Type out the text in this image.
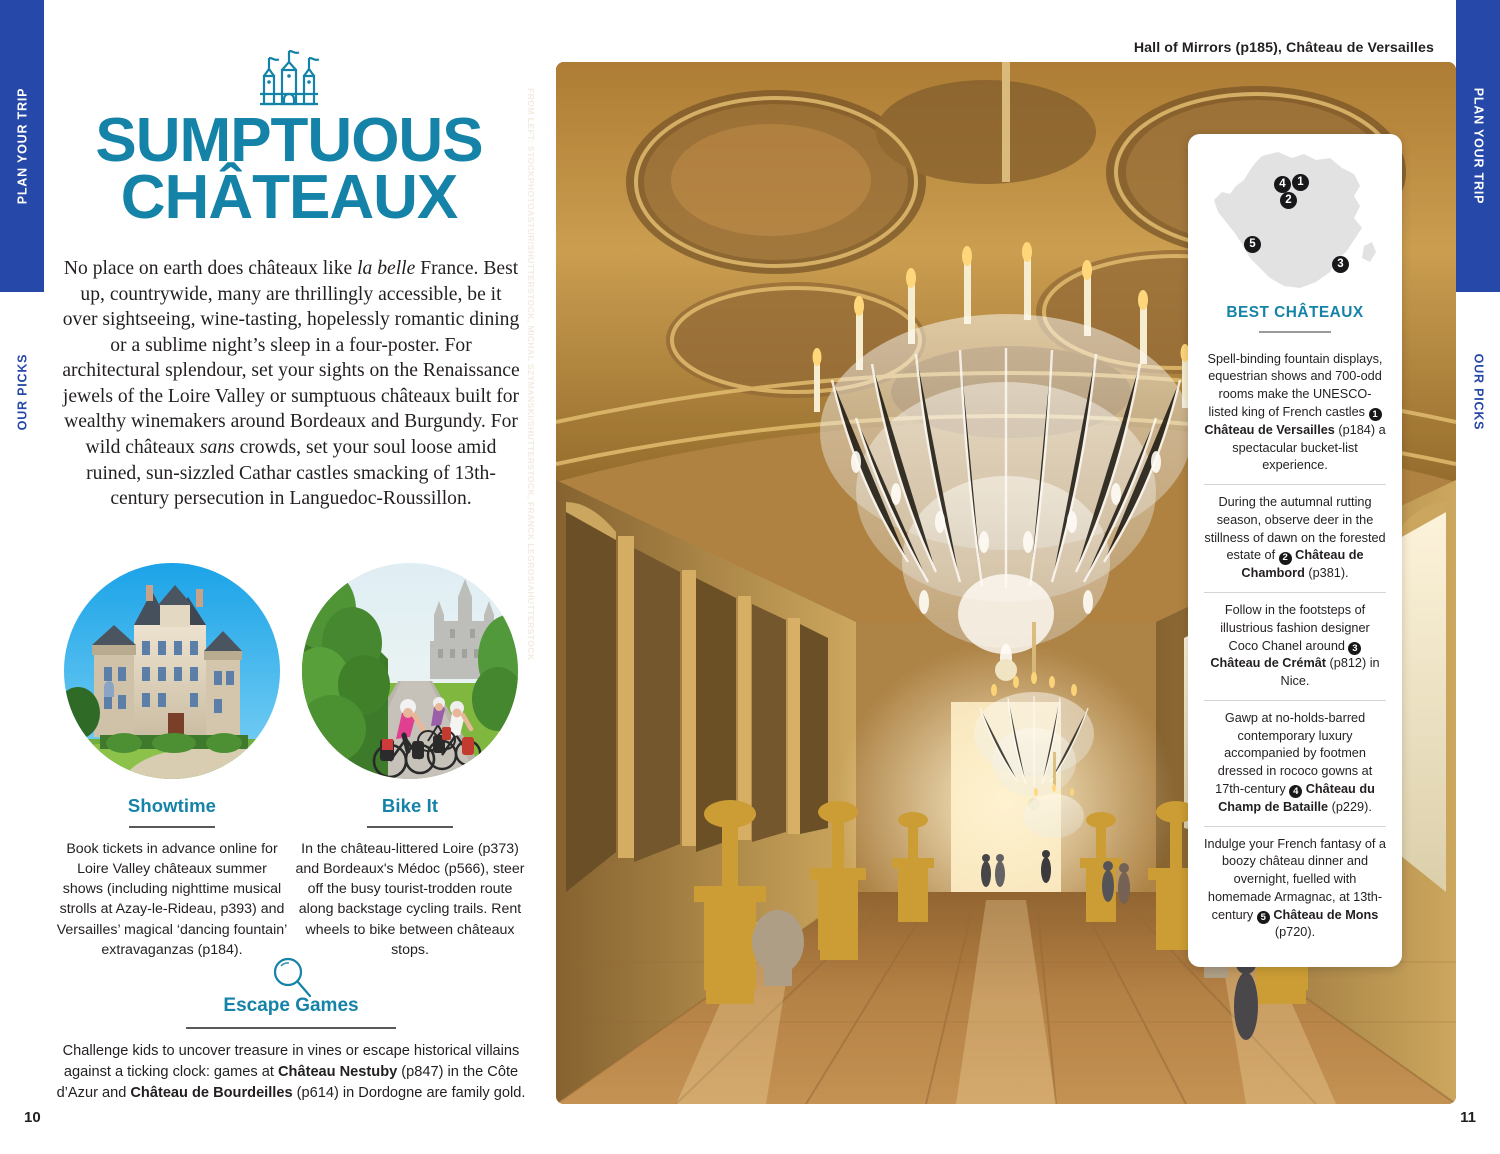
PLAN YOUR TRIP
OUR PICKS
PLAN YOUR TRIP
OUR PICKS
10	11
SUMPTUOUS
CHÂTEAUX

No place on earth does châteaux like la belle France. Best up, countrywide, many are thrillingly accessible, be it over sightseeing, wine-tasting, hopelessly romantic dining or a sublime night’s sleep in a four-poster. For architectural splendour, set your sights on the Renaissance jewels of the Loire Valley or sumptuous châteaux built for wealthy winemakers around Bordeaux and Burgundy. For wild châteaux sans crowds, set your soul loose amid ruined, sun-sizzled Cathar castles smacking of 13th-century persecution in Languedoc-Roussillon.

Showtime

Book tickets in advance online for Loire Valley châteaux summer shows (including nighttime musical strolls at Azay-le-Rideau, p393) and Versailles’ magical ‘dancing fountain’ extravaganzas (p184).

Bike It

In the château-littered Loire (p373) and Bordeaux's Médoc (p566), steer off the busy tourist-trodden route along backstage cycling trails. Rent wheels to bike between châteaux stops.

Escape Games

Challenge kids to uncover treasure in vines or escape historical villains against a ticking clock: games at Château Nestuby (p847) in the Côte d’Azur and Château de Bourdeilles (p614) in Dordogne are family gold.

Hall of Mirrors (p185), Château de Versailles
FROM LEFT: STOCKPHOTOASTUR/SHUTTERSTOCK, MICHAL SZYMANSKI/SHUTTERSTOCK, FRANCK LEGROS/AHUTTERSTOCK	4	1
2
5
3
BEST CHÂTEAUX
Spell-binding fountain displays, equestrian shows and 700-odd rooms make the UNESCO-listed king of French castles 1 Château de Versailles (p184) a spectacular bucket-list experience.
During the autumnal rutting season, observe deer in the stillness of dawn on the forested estate of 2 Château de Chambord (p381).
Follow in the footsteps of illustrious fashion designer Coco Chanel around 3 Château de Crémât (p812) in Nice.
Gawp at no-holds-barred contemporary luxury accompanied by footmen dressed in rococo gowns at 17th-century 4 Château du Champ de Bataille (p229).
Indulge your French fantasy of a boozy château dinner and overnight, fuelled with homemade Armagnac, at 13th-century 5 Château de Mons (p720).
